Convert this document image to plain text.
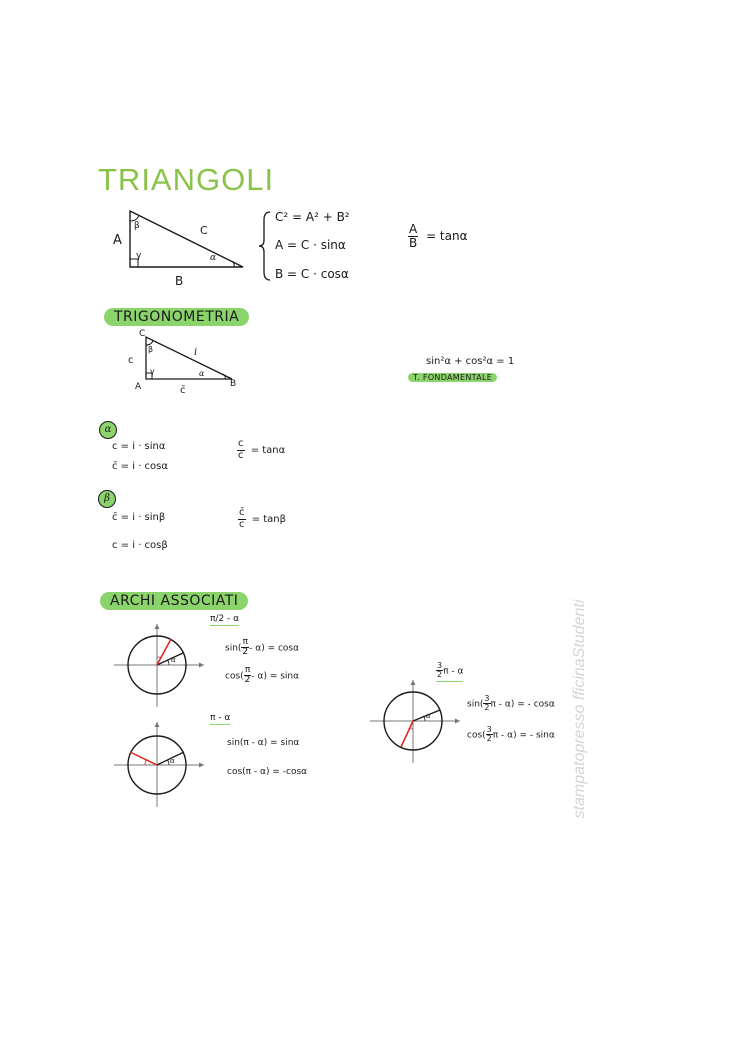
TRIANGOLI
A
B
C
β
γ	α
C² = A² + B²
A = C · sinα
B = C · cosα
$\frac{A}{B} = \tan\alpha$
TRIGONOMETRIA
C
c
i
A	B
c̄
β
γ	α
sin²α + cos²α = 1
T. FONDAMENTALE
α
c = i · sinα
c̄ = i · cosα
$\frac{c}{c̄} = \tan\alpha$
β
c̄ = i · sinβ
c = i · cosβ
$\frac{c̄}{c} = \tan\beta$
ARCHI ASSOCIATI
α
π/2 - α
$\sin( \frac{\pi}{2} - \alpha) = \cos\alpha$
$\cos( \frac{\pi}{2} - \alpha) = \sin\alpha$
α
π - α
sin(π - α) = sinα
cos(π - α) = -cosα
α
$\frac{3}{2}$ π - α
$\sin( \frac{3}{2}$ π - α) = - cosα
$\cos( \frac{3}{2}$ π - α) = - sinα stampatopresso fficinaStudenti
